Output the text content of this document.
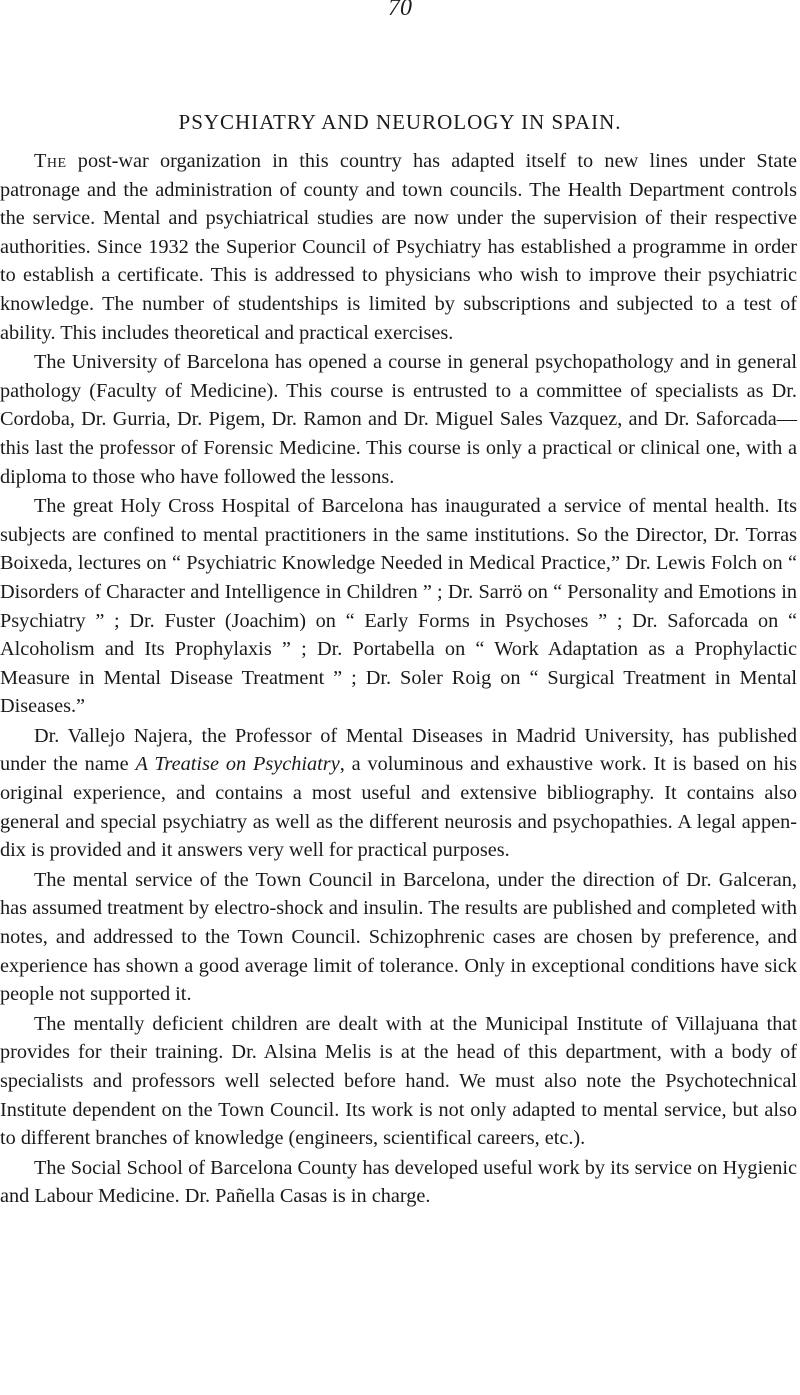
70
PSYCHIATRY AND NEUROLOGY IN SPAIN.

The post-war organization in this country has adapted itself to new lines under State patronage and the administration of county and town councils. The Health Department controls the service. Mental and psychiatrical studies are now under the supervision of their respective authorities. Since 1932 the Superior Council of Psychiatry has established a programme in order to establish a certificate. This is addressed to physicians who wish to improve their psychiatric knowledge. The number of studentships is limited by subscriptions and subjected to a test of ability. This includes theoretical and practical exercises.

The University of Barcelona has opened a course in general psychopathology and in general pathology (Faculty of Medicine). This course is entrusted to a committee of specialists as Dr. Cordoba, Dr. Gurria, Dr. Pigem, Dr. Ramon and Dr. Miguel Sales Vazquez, and Dr. Saforcada—this last the professor of Forensic Medicine. This course is only a practical or clinical one, with a diploma to those who have followed the lessons.

The great Holy Cross Hospital of Barcelona has inaugurated a service of mental health. Its subjects are confined to mental practitioners in the same institutions. So the Director, Dr. Torras Boixeda, lectures on “ Psychiatric Knowledge Needed in Medical Practice,” Dr. Lewis Folch on “ Disorders of Character and Intelligence in Children ” ; Dr. Sarrö on “ Personality and Emotions in Psychiatry ” ; Dr. Fuster (Joachim) on “ Early Forms in Psychoses ” ; Dr. Saforcada on “ Alcoholism and Its Prophylaxis ” ; Dr. Portabella on “ Work Adaptation as a Prophylactic Measure in Mental Disease Treatment ” ; Dr. Soler Roig on “ Surgical Treatment in Mental Diseases.”

Dr. Vallejo Najera, the Professor of Mental Diseases in Madrid University, has published under the name A Treatise on Psychiatry, a voluminous and exhaustive work. It is based on his original experience, and contains a most useful and extensive bibliography. It contains also general and special psychiatry as well as the different neurosis and psychopathies. A legal appendix is provided and it answers very well for practical purposes.

The mental service of the Town Council in Barcelona, under the direction of Dr. Galceran, has assumed treatment by electro-shock and insulin. The results are published and completed with notes, and addressed to the Town Council. Schizophrenic cases are chosen by preference, and experience has shown a good average limit of tolerance. Only in exceptional conditions have sick people not supported it.

The mentally deficient children are dealt with at the Municipal Institute of Villajuana that provides for their training. Dr. Alsina Melis is at the head of this department, with a body of specialists and professors well selected before hand. We must also note the Psychotechnical Institute dependent on the Town Council. Its work is not only adapted to mental service, but also to different branches of knowledge (engineers, scientifical careers, etc.).

The Social School of Barcelona County has developed useful work by its service on Hygienic and Labour Medicine. Dr. Pañella Casas is in charge.
